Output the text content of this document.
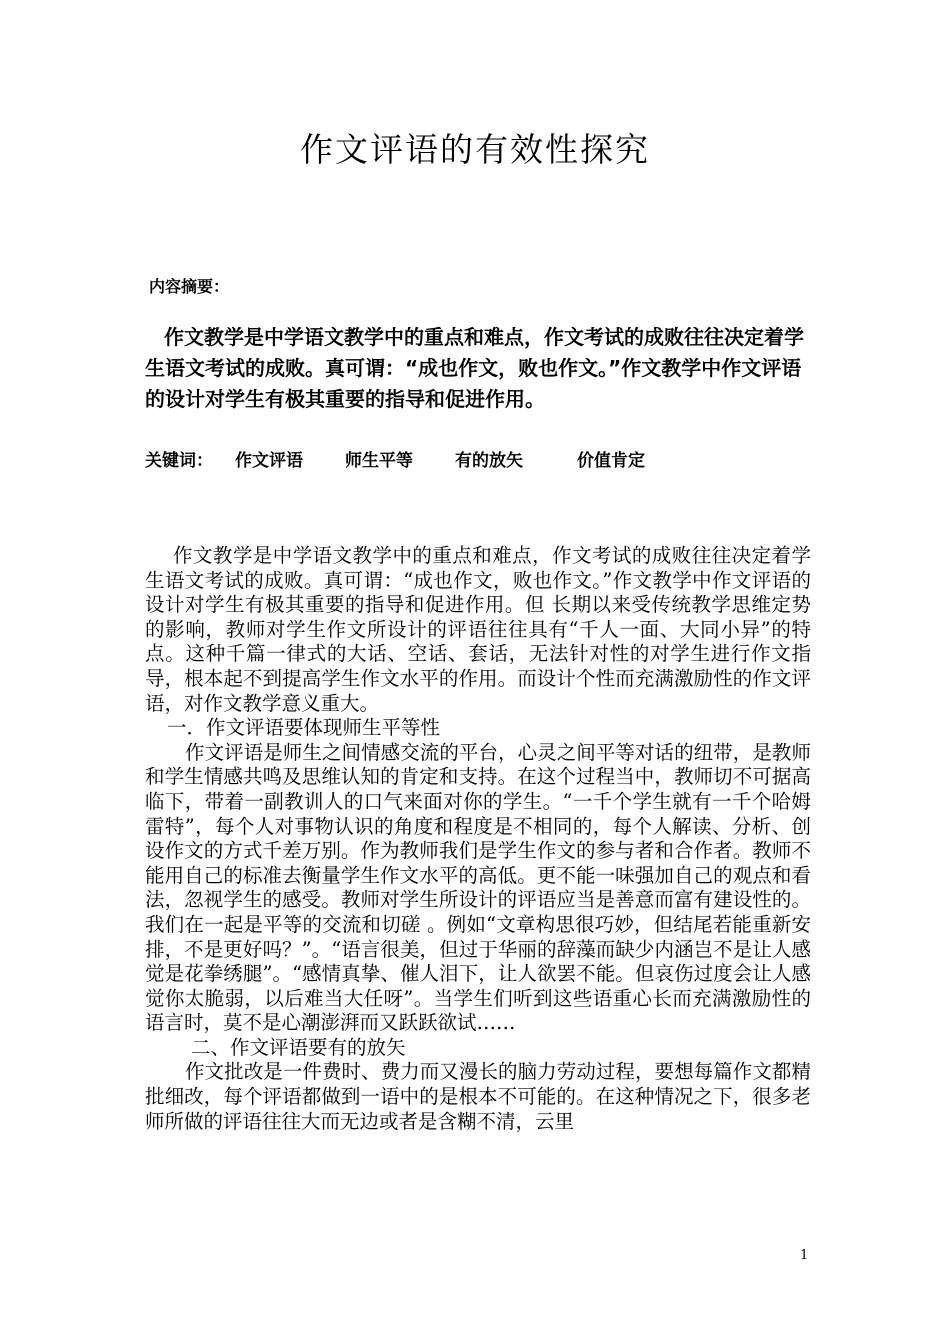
作文评语的有效性探究
内容摘要：

作文教学是中学语文教学中的重点和难点，作文考试的成败往往决定着学生语文考试的成败。真可谓：“成也作文，败也作文。”作文教学中作文评语的设计对学生有极其重要的指导和促进作用。

关键词： 作文评语 师生平等 有的放矢	价值肯定

作文教学是中学语文教学中的重点和难点，作文考试的成败往往决定着学生语文考试的成败。真可谓：“成也作文，败也作文。”作文教学中作文评语的设计对学生有极其重要的指导和促进作用。但 长期以来受传统教学思维定势的影响，教师对学生作文所设计的评语往往具有“千人一面、大同小异”的特点。这种千篇一律式的大话、空话、套话，无法针对性的对学生进行作文指导，根本起不到提高学生作文水平的作用。而设计个性而充满激励性的作文评语，对作文教学意义重大。

一．作文评语要体现师生平等性

作文评语是师生之间情感交流的平台，心灵之间平等对话的纽带，是教师和学生情感共鸣及思维认知的肯定和支持。在这个过程当中，教师切不可据高临下，带着一副教训人的口气来面对你的学生。“一千个学生就有一千个哈姆雷特”，每个人对事物认识的角度和程度是不相同的，每个人解读、分析、创设作文的方式千差万别。作为教师我们是学生作文的参与者和合作者。教师不能用自己的标准去衡量学生作文水平的高低。更不能一味强加自己的观点和看法，忽视学生的感受。教师对学生所设计的评语应当是善意而富有建设性的。我们在一起是平等的交流和切磋 。例如“文章构思很巧妙，但结尾若能重新安排，不是更好吗？”。“语言很美，但过于华丽的辞藻而缺少内涵岂不是让人感觉是花拳绣腿”。“感情真挚、催人泪下，让人欲罢不能。但哀伤过度会让人感觉你太脆弱，以后难当大任呀”。当学生们听到这些语重心长而充满激励性的语言时，莫不是心潮澎湃而又跃跃欲试……

二、作文评语要有的放矢

作文批改是一件费时、费力而又漫长的脑力劳动过程，要想每篇作文都精批细改，每个评语都做到一语中的是根本不可能的。在这种情况之下，很多老师所做的评语往往大而无边或者是含糊不清，云里

1
